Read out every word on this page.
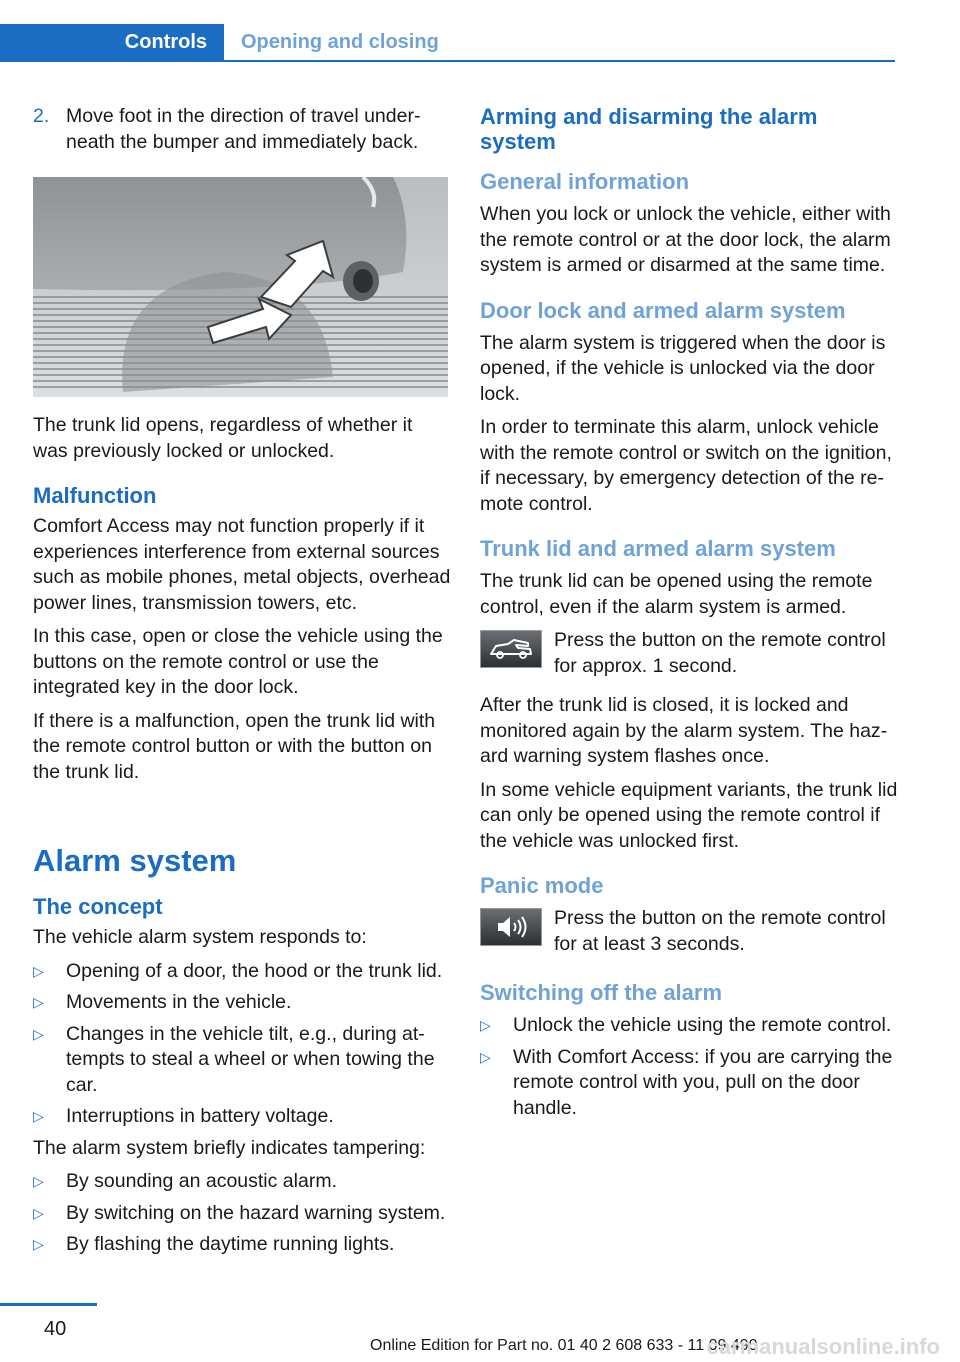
Controls	Opening and closing
2. Move foot in the direction of travel underneath the bumper and immediately back.

The trunk lid opens, regardless of whether it was previously locked or unlocked.

Malfunction

Comfort Access may not function properly if it experiences interference from external sources such as mobile phones, metal objects, overhead power lines, transmission towers, etc.

In this case, open or close the vehicle using the buttons on the remote control or use the integrated key in the door lock.

If there is a malfunction, open the trunk lid with the remote control button or with the button on the trunk lid.

Alarm system
The concept

The vehicle alarm system responds to:

▷	Opening of a door, the hood or the trunk lid.
▷	Movements in the vehicle.
▷	Changes in the vehicle tilt, e.g., during attempts to steal a wheel or when towing the car.
▷	Interruptions in battery voltage.

The alarm system briefly indicates tampering:

▷	By sounding an acoustic alarm.
▷	By switching on the hazard warning system.
▷	By flashing the daytime running lights.
Arming and disarming the alarm system
General information

When you lock or unlock the vehicle, either with the remote control or at the door lock, the alarm system is armed or disarmed at the same time.

Door lock and armed alarm system

The alarm system is triggered when the door is opened, if the vehicle is unlocked via the door lock.

In order to terminate this alarm, unlock vehicle with the remote control or switch on the ignition, if necessary, by emergency detection of the remote control.

Trunk lid and armed alarm system

The trunk lid can be opened using the remote control, even if the alarm system is armed.

Press the button on the remote control for approx. 1 second.

After the trunk lid is closed, it is locked and monitored again by the alarm system. The hazard warning system flashes once.

In some vehicle equipment variants, the trunk lid can only be opened using the remote control if the vehicle was unlocked first.

Panic mode
Press the button on the remote control for at least 3 seconds.
Switching off the alarm
▷	Unlock the vehicle using the remote control.
▷	With Comfort Access: if you are carrying the remote control with you, pull on the door handle.
40
Online Edition for Part no. 01 40 2 608 633 - 11 09 490
carmanualsonline.info
